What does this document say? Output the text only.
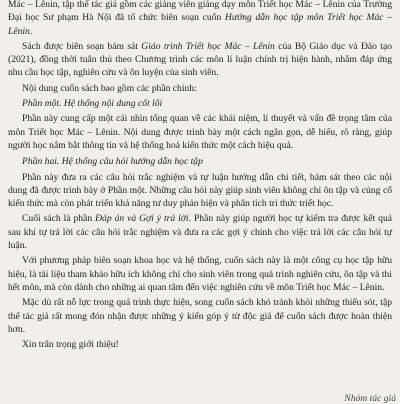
Mác – Lênin, tập thể tác giả gồm các giảng viên giảng dạy môn Triết học Mác – Lênin của Trường Đại học Sư phạm Hà Nội đã tổ chức biên soạn cuốn Hướng dẫn học tập môn Triết học Mác – Lênin.

Sách được biên soạn bám sát Giáo trình Triết học Mác – Lênin của Bộ Giáo dục và Đào tạo (2021), đồng thời tuân thủ theo Chương trình các môn lí luận chính trị hiện hành, nhằm đáp ứng nhu cầu học tập, nghiên cứu và ôn luyện của sinh viên.

Nội dung cuốn sách bao gồm các phần chính:

Phần một. Hệ thống nội dung cốt lõi

Phần này cung cấp một cái nhìn tổng quan về các khái niệm, lí thuyết và vấn đề trọng tâm của môn Triết học Mác – Lênin. Nội dung được trình bày một cách ngắn gọn, dễ hiểu, rõ ràng, giúp người học nắm bắt thông tin và hệ thống hoá kiến thức một cách hiệu quả.

Phần hai. Hệ thống câu hỏi hướng dẫn học tập

Phần này đưa ra các câu hỏi trắc nghiệm và tự luận hướng dẫn chi tiết, bám sát theo các nội dung đã được trình bày ở Phần một. Những câu hỏi này giúp sinh viên không chỉ ôn tập và củng cố kiến thức mà còn phát triển khả năng tư duy phản biện và phân tích tri thức triết học.

Cuối sách là phần Đáp án và Gợi ý trả lời. Phần này giúp người học tự kiểm tra được kết quả sau khi tự trả lời các câu hỏi trắc nghiệm và đưa ra các gợi ý chính cho việc trả lời các câu hỏi tự luận.

Với phương pháp biên soạn khoa học và hệ thống, cuốn sách này là một công cụ học tập hữu hiệu, là tài liệu tham khảo hữu ích không chỉ cho sinh viên trong quá trình nghiên cứu, ôn tập và thi hết môn, mà còn dành cho những ai quan tâm đến việc nghiên cứu về môn Triết học Mác – Lênin.

Mặc dù rất nỗ lực trong quá trình thực hiện, song cuốn sách khó tránh khỏi những thiếu sót, tập thể tác giả rất mong đón nhận được những ý kiến góp ý từ độc giả để cuốn sách được hoàn thiện hơn.

Xin trân trọng giới thiệu!

Nhóm tác giả
